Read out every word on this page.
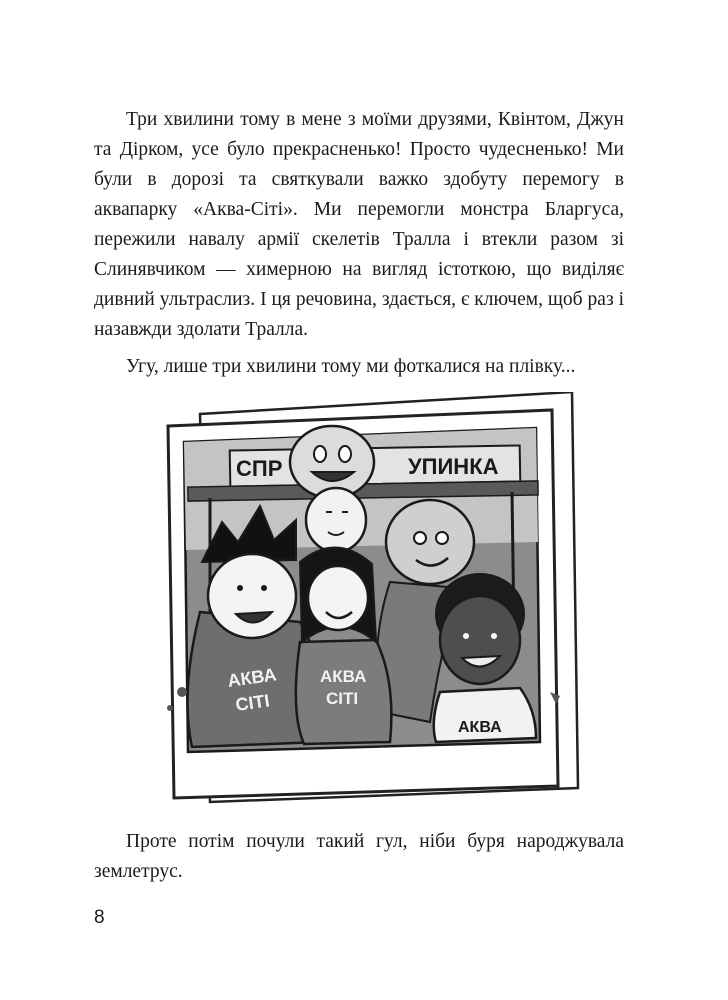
Три хвилини тому в мене з моїми друзями, Квінтом, Джун та Дірком, усе було прекрасненько! Просто чудесненько! Ми були в дорозі та святкували важко здобуту перемогу в аквапарку «Аква-Сіті». Ми перемогли монстра Бларгуса, пережили навалу армії скелетів Тралла і втекли разом зі Слинявчиком — химерною на вигляд істоткою, що виділяє дивний ультраслиз. І ця речовина, здається, є ключем, щоб раз і назавжди здолати Тралла.

Угу, лише три хвилини тому ми фоткалися на плівку...

СПР	УПИНКА
АКВА
СІТІ
АКВА
СІТІ
АКВА

Проте потім почули такий гул, ніби буря народжувала землетрус.

8
